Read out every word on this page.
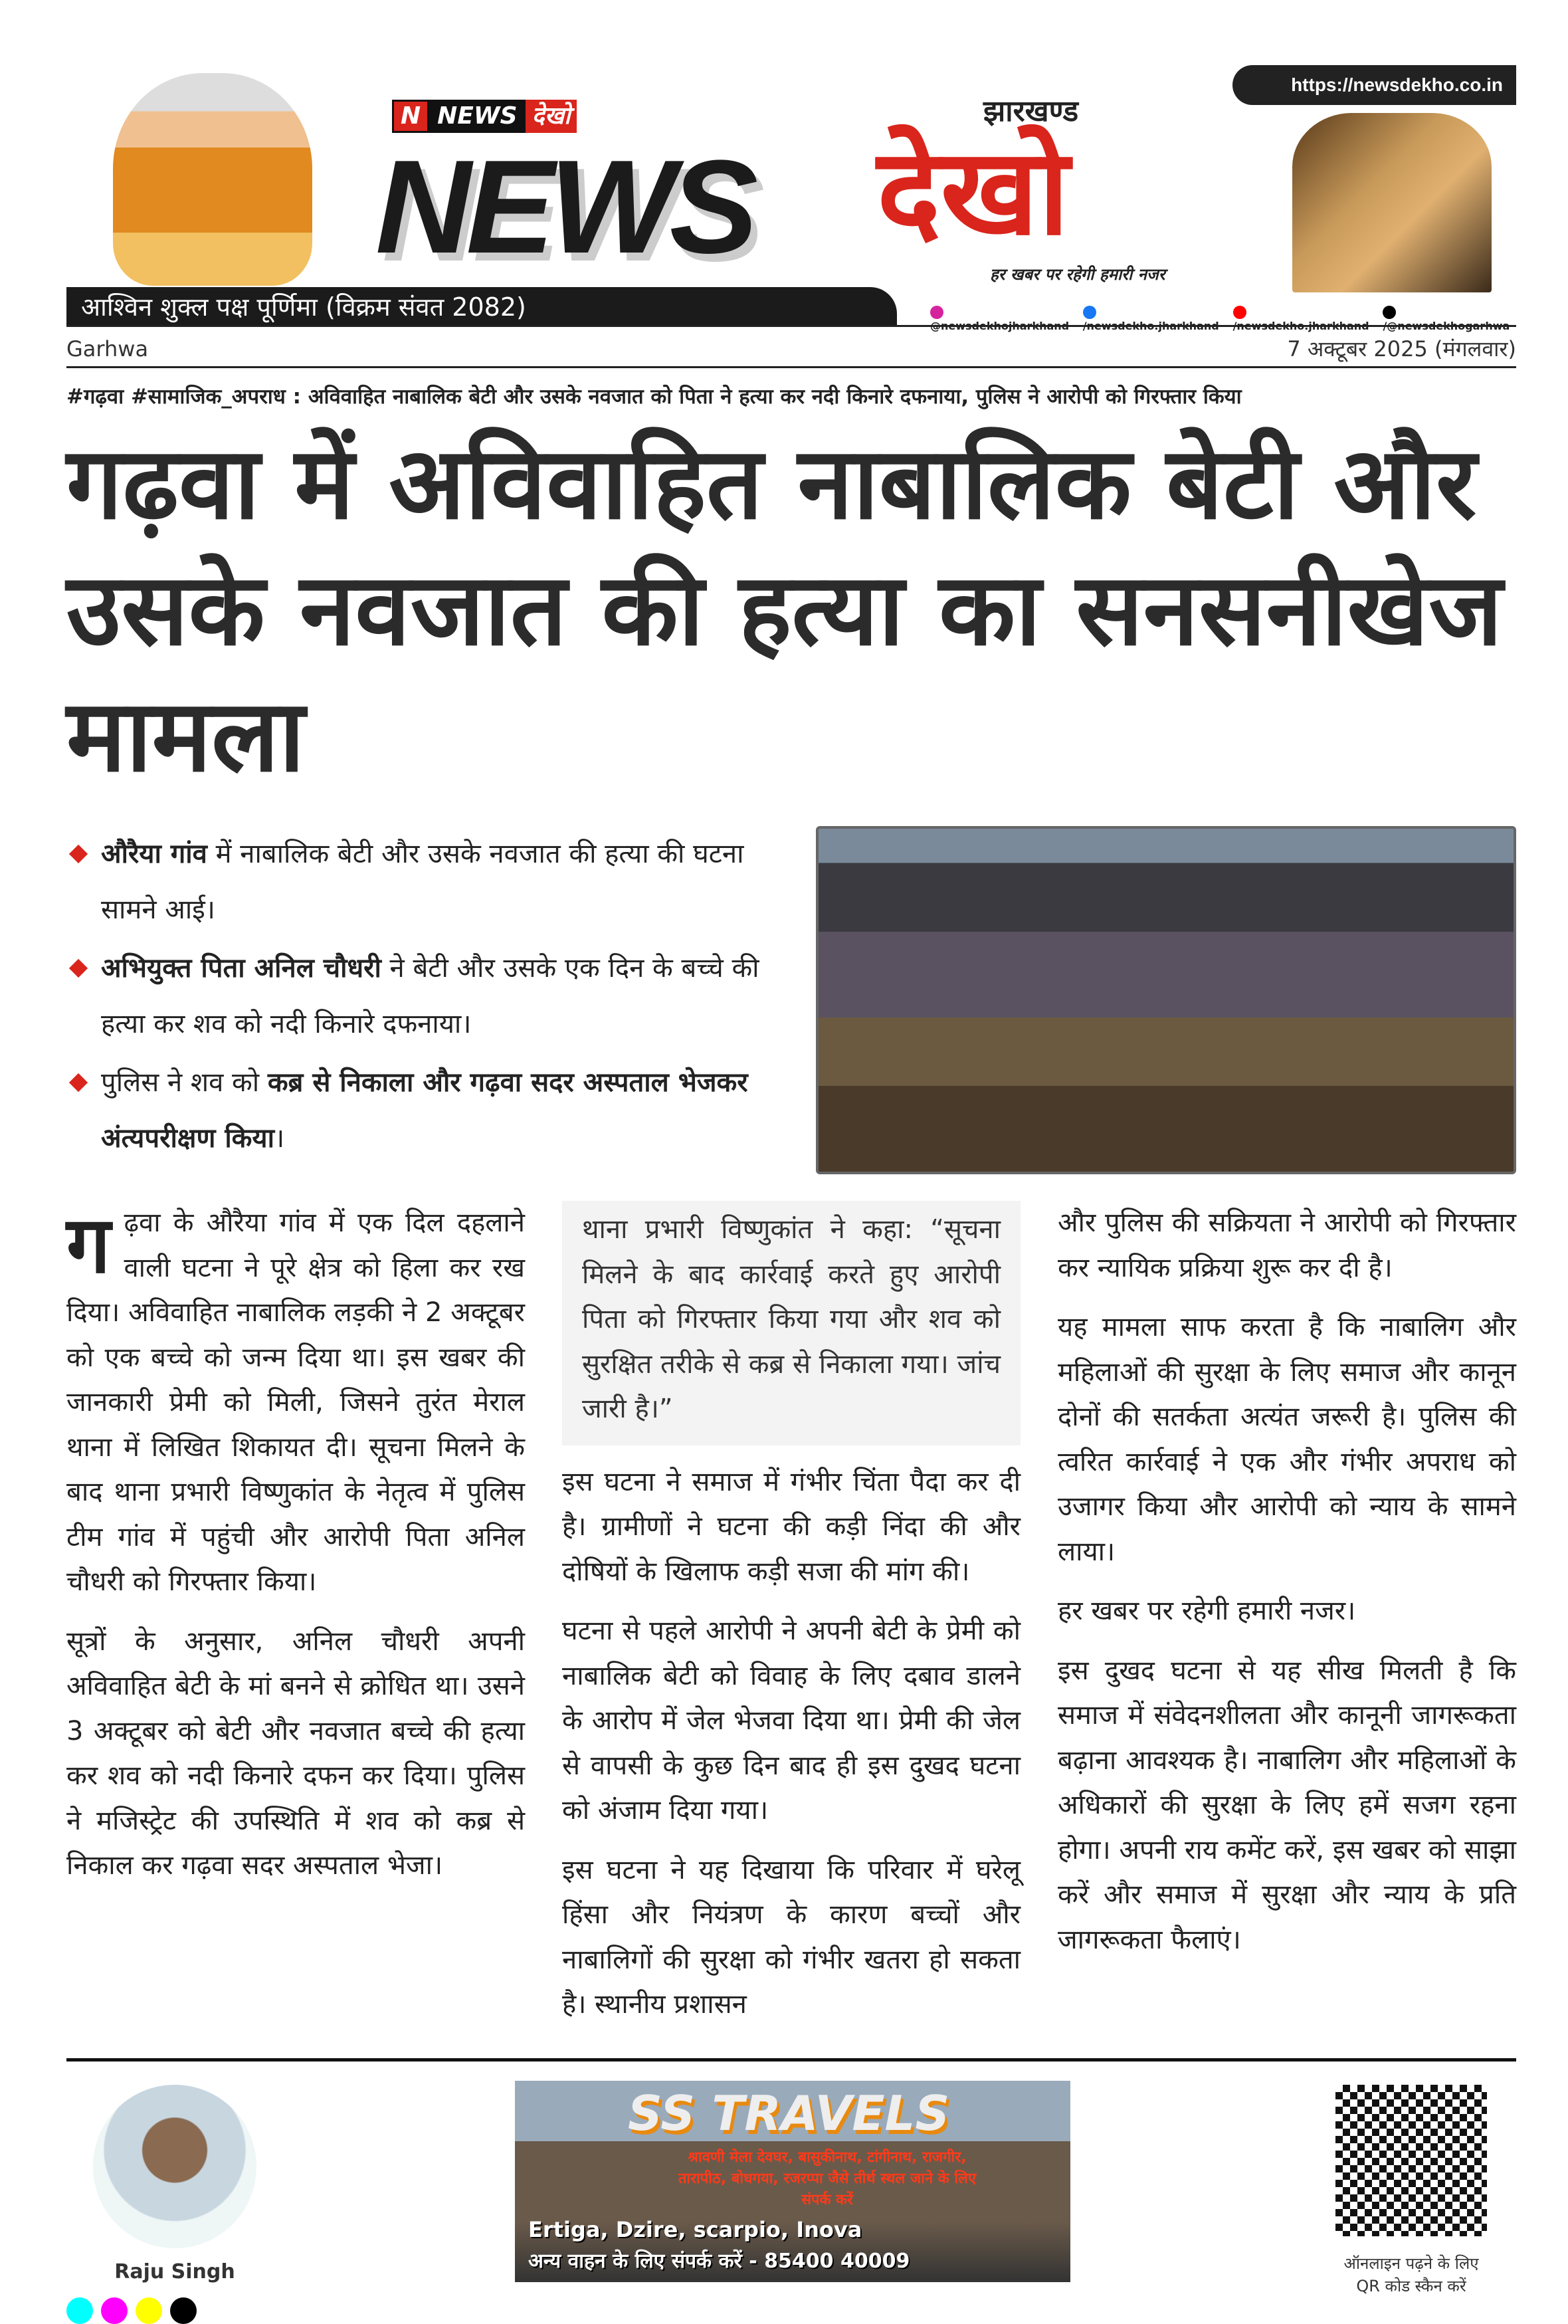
N NEWS देखो
NEWS देखो
झारखण्ड
हर खबर पर रहेगी हमारी नजर
https://newsdekho.co.in
आश्विन शुक्ल पक्ष पूर्णिमा (विक्रम संवत 2082)
Garhwa	7 अक्टूबर 2025 (मंगलवार)
#गढ़वा #सामाजिक_अपराध : अविवाहित नाबालिक बेटी और उसके नवजात को पिता ने हत्या कर नदी किनारे दफनाया, पुलिस ने आरोपी को गिरफ्तार किया
गढ़वा में अविवाहित नाबालिक बेटी और उसके नवजात की हत्या का सनसनीखेज मामला
औरैया गांव में नाबालिक बेटी और उसके नवजात की हत्या की घटना सामने आई।
अभियुक्त पिता अनिल चौधरी ने बेटी और उसके एक दिन के बच्चे की हत्या कर शव को नदी किनारे दफनाया।
पुलिस ने शव को कब्र से निकाला और गढ़वा सदर अस्पताल भेजकर अंत्यपरीक्षण किया।

गढ़वा के औरैया गांव में एक दिल दहलाने वाली घटना ने पूरे क्षेत्र को हिला कर रख दिया। अविवाहित नाबालिक लड़की ने 2 अक्टूबर को एक बच्चे को जन्म दिया था। इस खबर की जानकारी प्रेमी को मिली, जिसने तुरंत मेराल थाना में लिखित शिकायत दी। सूचना मिलने के बाद थाना प्रभारी विष्णुकांत के नेतृत्व में पुलिस टीम गांव में पहुंची और आरोपी पिता अनिल चौधरी को गिरफ्तार किया।

सूत्रों के अनुसार, अनिल चौधरी अपनी अविवाहित बेटी के मां बनने से क्रोधित था। उसने 3 अक्टूबर को बेटी और नवजात बच्चे की हत्या कर शव को नदी किनारे दफन कर दिया। पुलिस ने मजिस्ट्रेट की उपस्थिति में शव को कब्र से निकाल कर गढ़वा सदर अस्पताल भेजा।

थाना प्रभारी विष्णुकांत ने कहा: “सूचना मिलने के बाद कार्रवाई करते हुए आरोपी पिता को गिरफ्तार किया गया और शव को सुरक्षित तरीके से कब्र से निकाला गया। जांच जारी है।”

इस घटना ने समाज में गंभीर चिंता पैदा कर दी है। ग्रामीणों ने घटना की कड़ी निंदा की और दोषियों के खिलाफ कड़ी सजा की मांग की।

घटना से पहले आरोपी ने अपनी बेटी के प्रेमी को नाबालिक बेटी को विवाह के लिए दबाव डालने के आरोप में जेल भेजवा दिया था। प्रेमी की जेल से वापसी के कुछ दिन बाद ही इस दुखद घटना को अंजाम दिया गया।

इस घटना ने यह दिखाया कि परिवार में घरेलू हिंसा और नियंत्रण के कारण बच्चों और नाबालिगों की सुरक्षा को गंभीर खतरा हो सकता है। स्थानीय प्रशासन

और पुलिस की सक्रियता ने आरोपी को गिरफ्तार कर न्यायिक प्रक्रिया शुरू कर दी है।

यह मामला साफ करता है कि नाबालिग और महिलाओं की सुरक्षा के लिए समाज और कानून दोनों की सतर्कता अत्यंत जरूरी है। पुलिस की त्वरित कार्रवाई ने एक और गंभीर अपराध को उजागर किया और आरोपी को न्याय के सामने लाया।

हर खबर पर रहेगी हमारी नजर।

इस दुखद घटना से यह सीख मिलती है कि समाज में संवेदनशीलता और कानूनी जागरूकता बढ़ाना आवश्यक है। नाबालिग और महिलाओं के अधिकारों की सुरक्षा के लिए हमें सजग रहना होगा। अपनी राय कमेंट करें, इस खबर को साझा करें और समाज में सुरक्षा और न्याय के प्रति जागरूकता फैलाएं।

Raju Singh
SS TRAVELS
श्रावणी मेला देवघर, बासुकीनाथ, टांगीनाथ, राजगीर, तारापीठ, बोधगया, रजरप्पा जैसे तीर्थ स्थल जाने के लिए संपर्क करें
Ertiga, Dzire, scarpio, Inova
अन्य वाहन के लिए संपर्क करें - 85400 40009	ऑनलाइन पढ़ने के लिए
QR कोड स्कैन करें
